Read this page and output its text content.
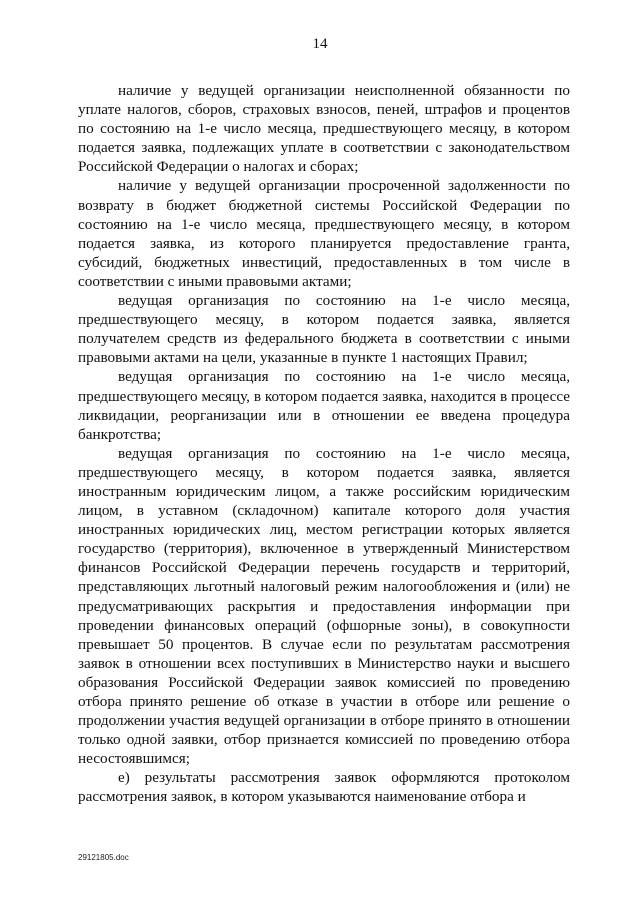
14

наличие у ведущей организации неисполненной обязанности по уплате налогов, сборов, страховых взносов, пеней, штрафов и процентов по состоянию на 1-е число месяца, предшествующего месяцу, в котором подается заявка, подлежащих уплате в соответствии с законодательством Российской Федерации о налогах и сборах;

наличие у ведущей организации просроченной задолженности по возврату в бюджет бюджетной системы Российской Федерации по состоянию на 1-е число месяца, предшествующего месяцу, в котором подается заявка, из которого планируется предоставление гранта, субсидий, бюджетных инвестиций, предоставленных в том числе в соответствии с иными правовыми актами;

ведущая организация по состоянию на 1-е число месяца, предшествующего месяцу, в котором подается заявка, является получателем средств из федерального бюджета в соответствии с иными правовыми актами на цели, указанные в пункте 1 настоящих Правил;

ведущая организация по состоянию на 1-е число месяца, предшествующего месяцу, в котором подается заявка, находится в процессе ликвидации, реорганизации или в отношении ее введена процедура банкротства;

ведущая организация по состоянию на 1-е число месяца, предшествующего месяцу, в котором подается заявка, является иностранным юридическим лицом, а также российским юридическим лицом, в уставном (складочном) капитале которого доля участия иностранных юридических лиц, местом регистрации которых является государство (территория), включенное в утвержденный Министерством финансов Российской Федерации перечень государств и территорий, представляющих льготный налоговый режим налогообложения и (или) не предусматривающих раскрытия и предоставления информации при проведении финансовых операций (офшорные зоны), в совокупности превышает 50 процентов. В случае если по результатам рассмотрения заявок в отношении всех поступивших в Министерство науки и высшего образования Российской Федерации заявок комиссией по проведению отбора принято решение об отказе в участии в отборе или решение о продолжении участия ведущей организации в отборе принято в отношении только одной заявки, отбор признается комиссией по проведению отбора несостоявшимся;

е) результаты рассмотрения заявок оформляются протоколом рассмотрения заявок, в котором указываются наименование отбора и

29121805.doc
